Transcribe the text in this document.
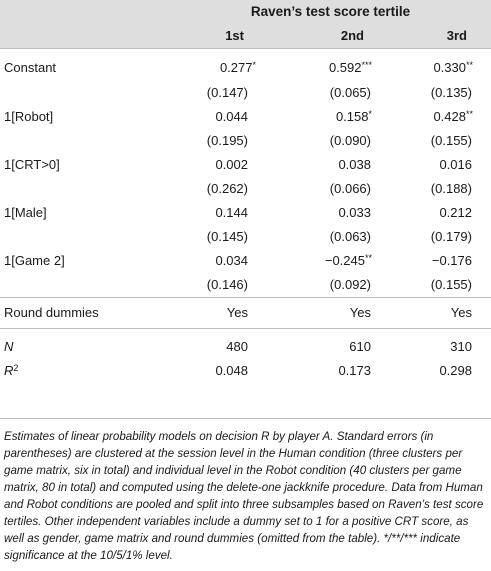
	Raven’s test score tertile		
	1st	2nd	3rd
Constant	0.277*	0.592***	0.330**
	(0.147)	(0.065)	(0.135)
1[Robot]	0.044	0.158*	0.428**
	(0.195)	(0.090)	(0.155)
1[CRT>0]	0.002	0.038	0.016
	(0.262)	(0.066)	(0.188)
1[Male]	0.144	0.033	0.212
	(0.145)	(0.063)	(0.179)
1[Game 2]	0.034	−0.245**	−0.176
	(0.146)	(0.092)	(0.155)
Round dummies	Yes	Yes	Yes
N	480	610	310
$R^2$	0.048	0.173	0.298
Estimates of linear probability models on decision R by player A. Standard errors (in parentheses) are clustered at the session level in the Human condition (three clusters per game matrix, six in total) and individual level in the Robot condition (40 clusters per game matrix, 80 in total) and computed using the delete-one jackknife procedure. Data from Human and Robot conditions are pooled and split into three subsamples based on Raven’s test score tertiles. Other independent variables include a dummy set to 1 for a positive CRT score, as well as gender, game matrix and round dummies (omitted from the table). */**/*** indicate significance at the 10/5/1% level.
